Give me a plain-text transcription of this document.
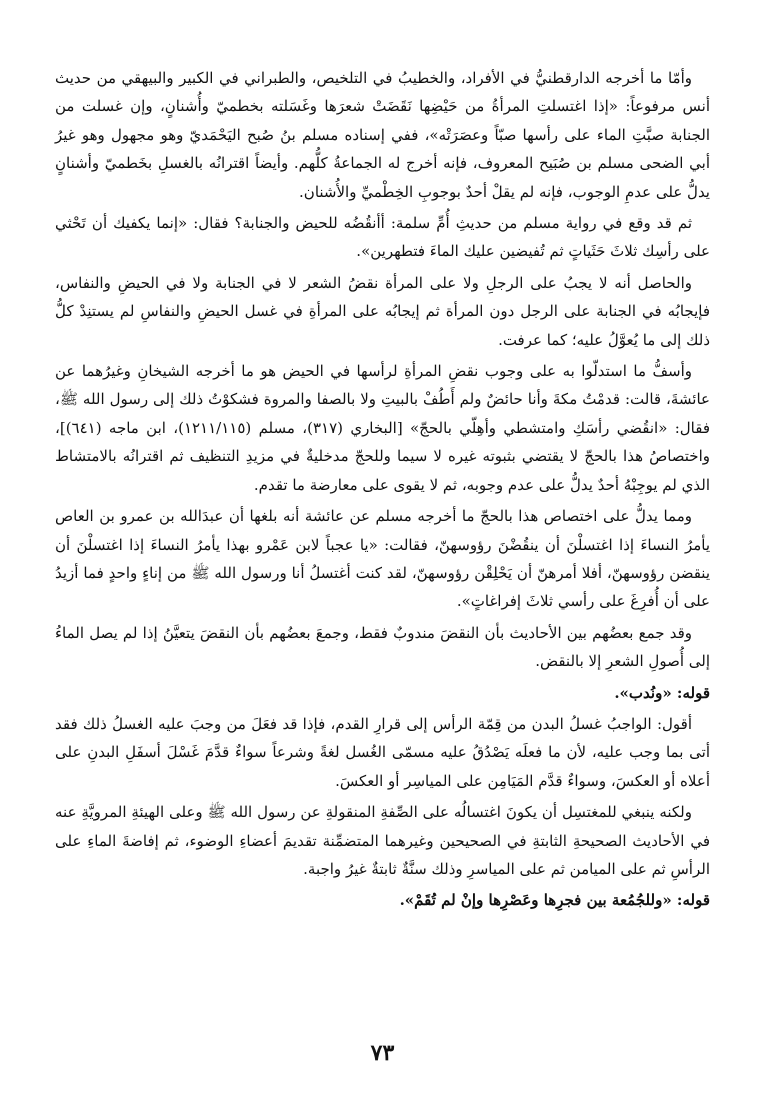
وأمّا ما أخرجه الدارقطنيُّ في الأفراد، والخطيبُ في التلخيص، والطبراني في الكبير والبيهقي من حديث أنس مرفوعاً: «إذا اغتسلتِ المرأةُ من حَيْضِها نَقَضَتْ شعرَها وغَسَلته بخطميّ وأُشنانٍ، وإن غسلت من الجنابة صبَّتِ الماء على رأسها صبّاً وعصَرَتْه»، ففي إسناده مسلم بنُ صُبح اليَحْمَديّ وهو مجهول وهو غيرُ أبي الضحى مسلم بن صُبَيح المعروف، فإنه أخرج له الجماعةُ كلُّهم. وأيضاً اقترانُه بالغسلِ بخَطميّ وأشنانٍ يدلُّ على عدمِ الوجوب، فإنه لم يقلْ أحدٌ بوجوبِ الخِطْميِّ والأُشنان.

ثم قد وقع في رواية مسلم من حديثِ أُمِّ سلمة: أأنقُضُه للحيض والجنابة؟ فقال: «إنما يكفيك أن تَحْثي على رأسِك ثلاثَ حَثَياتٍ ثم تُفيضين عليك الماءَ فتطهرين».

والحاصل أنه لا يجبُ على الرجلِ ولا على المرأة نقضُ الشعر لا في الجنابة ولا في الحيضِ والنفاس، فإيجابُه في الجنابة على الرجل دون المرأة ثم إيجابُه على المرأةِ في غسل الحيضِ والنفاسِ لم يستنِدْ كلُّ ذلك إلى ما يُعوَّلُ عليه؛ كما عرفت.

وأسفُّ ما استدلّوا به على وجوب نقضِ المرأةِ لرأسها في الحيض هو ما أخرجه الشيخانِ وغيرُهما عن عائشةَ، قالت: قدمْتُ مكةَ وأنا حائضٌ ولم أَطُفْ بالبيتِ ولا بالصفا والمروة فشكوْتُ ذلك إلى رسول الله ﷺ، فقال: «انقُضي رأسَكِ وامتشطي وأهِلّي بالحجّ» [البخاري (٣١٧)، مسلم (١٢١١/١١٥)، ابن ماجه (٦٤١)]، واختصاصُ هذا بالحجّ لا يقتضي بثبوته غيره لا سيما وللحجّ مدخليةٌ في مزيدِ التنظيف ثم اقترانُه بالامتشاط الذي لم يوجِبْهُ أحدٌ يدلُّ على عدم وجوبه، ثم لا يقوى على معارضة ما تقدم.

ومما يدلُّ على اختصاص هذا بالحجّ ما أخرجه مسلم عن عائشة أنه بلغها أن عبدَالله بن عمرو بن العاص يأمرُ النساءَ إذا اغتسلْنَ أن ينقُضْنَ رؤوسهنّ، فقالت: «يا عجباً لابن عَمْرو بهذا يأمرُ النساءَ إذا اغتسلْنَ أن ينقضن رؤوسهنّ، أفلا أمرهنّ أن يَحْلِقْن رؤوسهنّ، لقد كنت أغتسلُ أنا ورسول الله ﷺ من إناءٍ واحدٍ فما أزيدُ على أن أُفرِغَ على رأسي ثلاثَ إفراغاتٍ».

وقد جمع بعضُهم بين الأحاديث بأن النقضَ مندوبٌ فقط، وجمعَ بعضُهم بأن النقضَ يتعيَّنُ إذا لم يصل الماءُ إلى أُصولِ الشعرِ إلا بالنقض.

قوله: «ونُدب».

أقول: الواجبُ غسلُ البدن من قِمّة الرأس إلى قرارِ القدم، فإذا قد فعَلَ من وجبَ عليه الغسلُ ذلك فقد أتى بما وجب عليه، لأن ما فعلَه يَصْدُقُ عليه مسمّى الغُسل لغةً وشرعاً سواءٌ قدَّمَ غَسْلَ أسفَلِ البدنِ على أعلاه أو العكسَ، وسواءٌ قدَّم المَيَامِن على المياسِر أو العكسَ.

ولكنه ينبغي للمغتسِل أن يكونَ اغتسالُه على الصِّفةِ المنقولةِ عن رسول الله ﷺ وعلى الهيئةِ المرويَّةِ عنه في الأحاديث الصحيحةِ الثابتةِ في الصحيحين وغيرهما المتضمِّنة تقديمَ أعضاءِ الوضوء، ثم إفاضةَ الماءِ على الرأسِ ثم على الميامن ثم على المياسرِ وذلك سنَّةٌ ثابتةٌ غيرُ واجبة.

قوله: «وللجُمُعة بين فجرِها وعَصْرِها وإنْ لم تُقَمْ».

٧٣
